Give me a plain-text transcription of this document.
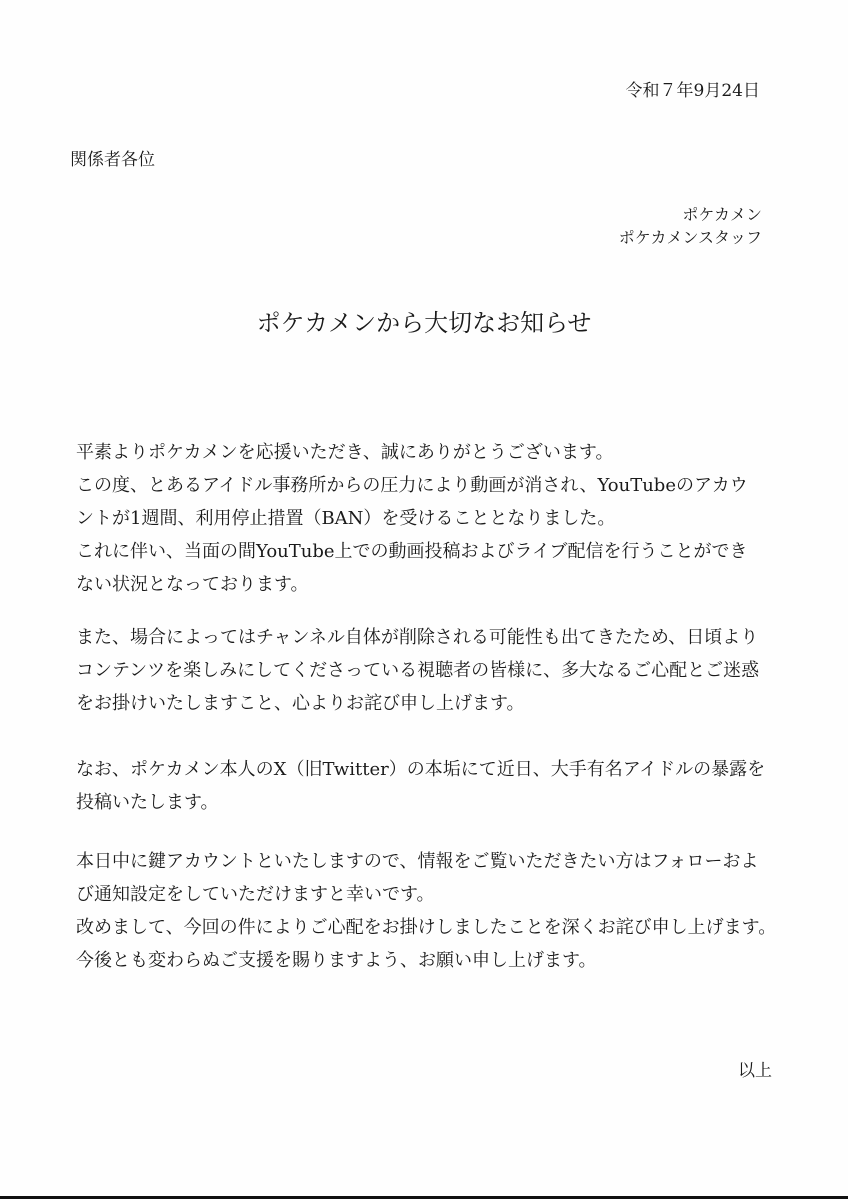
令和７年9月24日
関係者各位
ポケカメン
ポケカメンスタッフ
ポケカメンから大切なお知らせ
平素よりポケカメンを応援いただき、誠にありがとうございます。
この度、とあるアイドル事務所からの圧力により動画が消され、YouTubeのアカウ
ントが1週間、利用停止措置（BAN）を受けることとなりました。
これに伴い、当面の間YouTube上での動画投稿およびライブ配信を行うことができ
ない状況となっております。
また、場合によってはチャンネル自体が削除される可能性も出てきたため、日頃より
コンテンツを楽しみにしてくださっている視聴者の皆様に、多大なるご心配とご迷惑
をお掛けいたしますこと、心よりお詫び申し上げます。
なお、ポケカメン本人のX（旧Twitter）の本垢にて近日、大手有名アイドルの暴露を
投稿いたします。
本日中に鍵アカウントといたしますので、情報をご覧いただきたい方はフォローおよ
び通知設定をしていただけますと幸いです。
改めまして、今回の件によりご心配をお掛けしましたことを深くお詫び申し上げます。
今後とも変わらぬご支援を賜りますよう、お願い申し上げます。
以上
